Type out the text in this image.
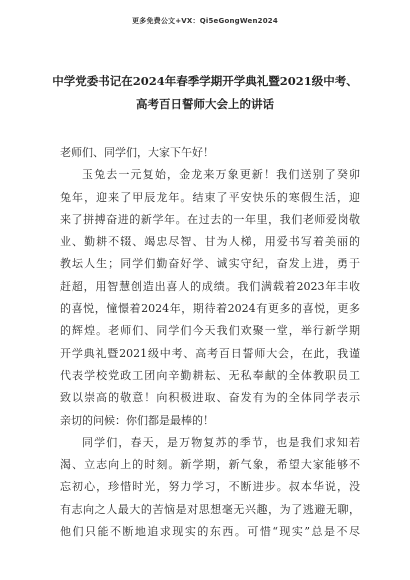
更多免费公文+VX：Qi5eGongWen2024
中学党委书记在2024年春季学期开学典礼暨2021级中考、
高考百日誓师大会上的讲话
老师们、同学们，大家下午好！
玉兔去一元复始，金龙来万象更新！我们送别了癸卯
兔年，迎来了甲辰龙年。结束了平安快乐的寒假生活，迎
来了拼搏奋进的新学年。在过去的一年里，我们老师爱岗敬
业、勤耕不辍、竭忠尽智、甘为人梯，用爱书写着美丽的
教坛人生；同学们勤奋好学、诚实守纪，奋发上进，勇于
赶超，用智慧创造出喜人的成绩。我们满载着2023年丰收
的喜悦，憧憬着2024年，期待着2024有更多的喜悦，更多
的辉煌。老师们、同学们今天我们欢聚一堂，举行新学期
开学典礼暨2021级中考、高考百日誓师大会，在此，我谨
代表学校党政工团向辛勤耕耘、无私奉献的全体教职员工
致以崇高的敬意！向积极进取、奋发有为的全体同学表示
亲切的问候：你们都是最棒的！
同学们，春天，是万物复苏的季节，也是我们求知若
渴、立志向上的时刻。新学期，新气象，希望大家能够不
忘初心，珍惜时光，努力学习，不断进步。叔本华说，没
有志向之人最大的苦恼是对思想毫无兴趣，为了逃避无聊，
他们只能不断地追求现实的东西。可惜“现实”总是不尽
